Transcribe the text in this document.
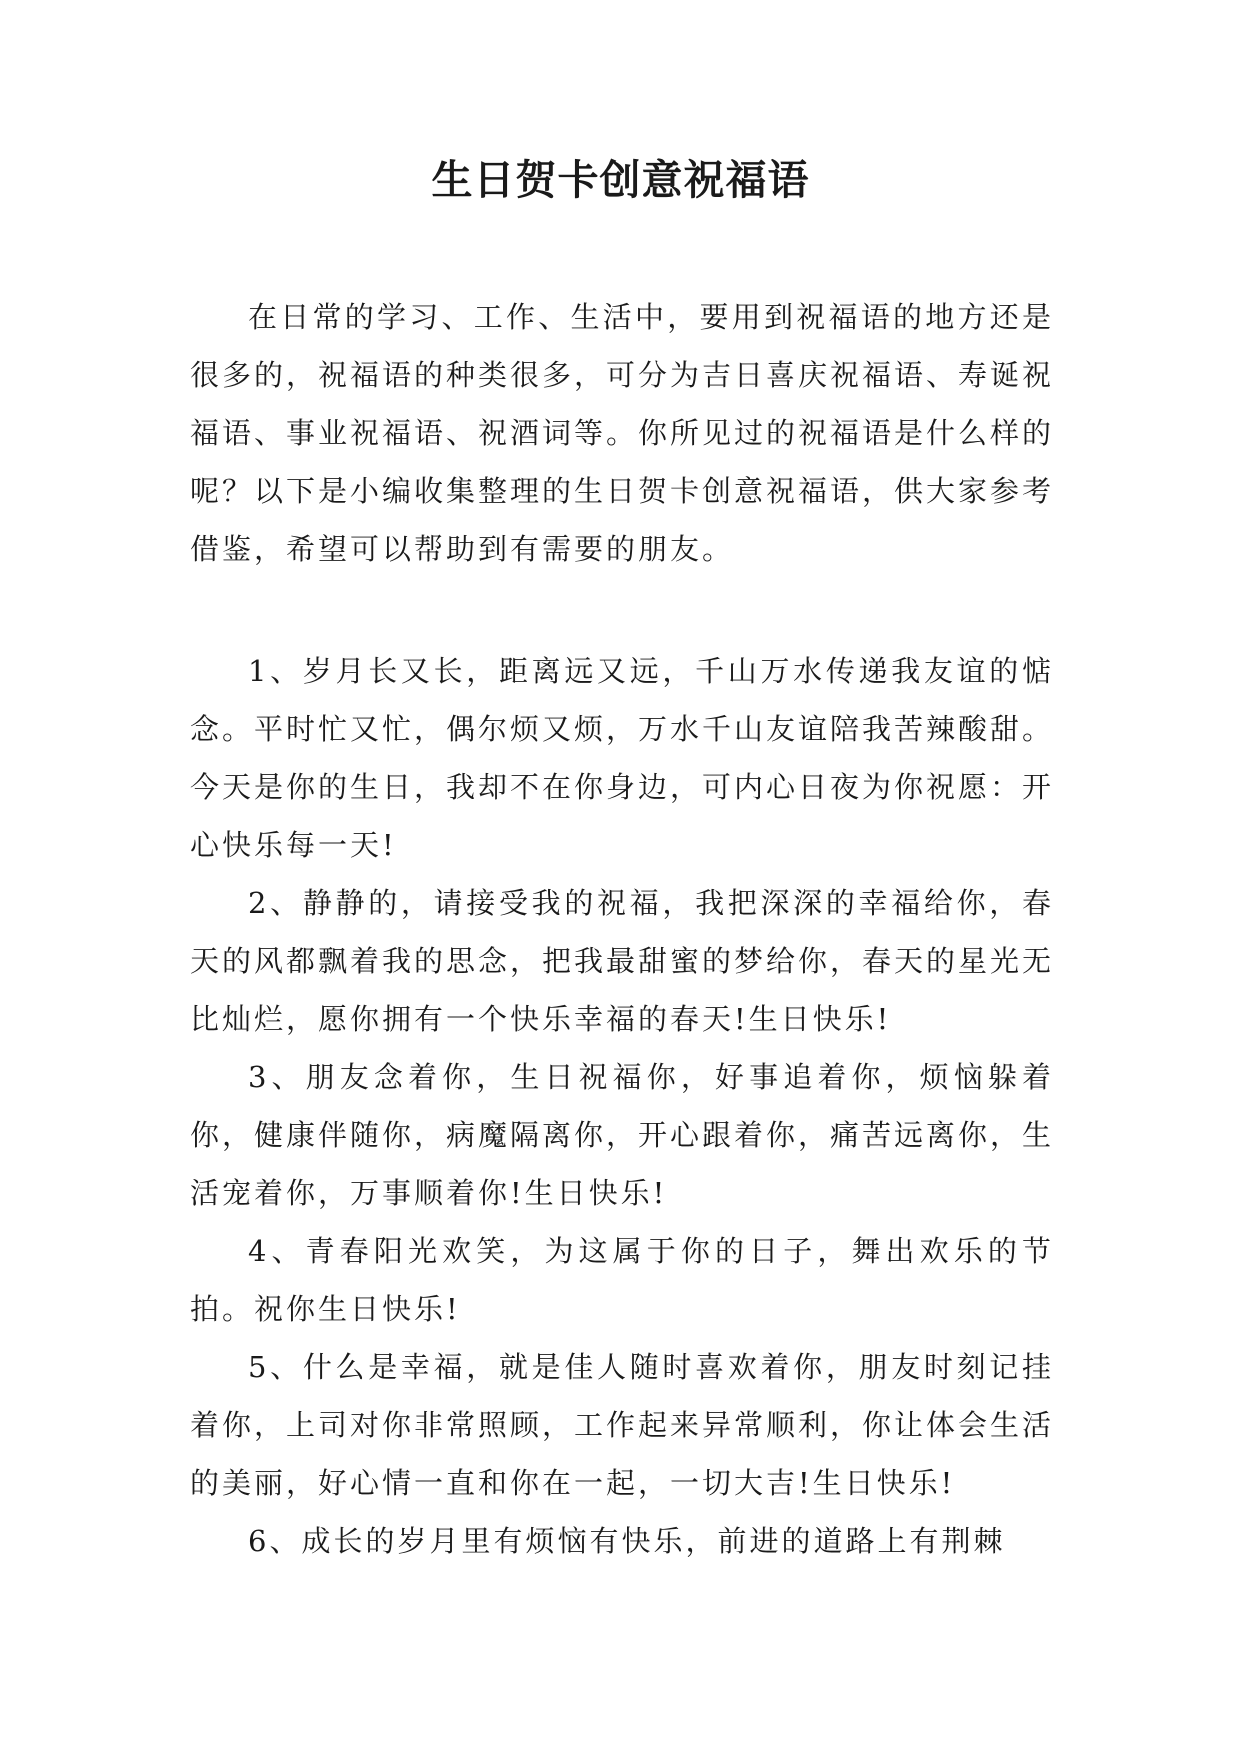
生日贺卡创意祝福语

在日常的学习、工作、生活中，要用到祝福语的地方还是很多的，祝福语的种类很多，可分为吉日喜庆祝福语、寿诞祝福语、事业祝福语、祝酒词等。你所见过的祝福语是什么样的呢？以下是小编收集整理的生日贺卡创意祝福语，供大家参考借鉴，希望可以帮助到有需要的朋友。

1、岁月长又长，距离远又远，千山万水传递我友谊的惦念。平时忙又忙，偶尔烦又烦，万水千山友谊陪我苦辣酸甜。今天是你的生日，我却不在你身边，可内心日夜为你祝愿：开心快乐每一天!

2、静静的，请接受我的祝福，我把深深的幸福给你，春天的风都飘着我的思念，把我最甜蜜的梦给你，春天的星光无比灿烂，愿你拥有一个快乐幸福的春天!生日快乐!

3、朋友念着你，生日祝福你，好事追着你，烦恼躲着你，健康伴随你，病魔隔离你，开心跟着你，痛苦远离你，生活宠着你，万事顺着你!生日快乐!

4、青春阳光欢笑，为这属于你的日子，舞出欢乐的节拍。祝你生日快乐!

5、什么是幸福，就是佳人随时喜欢着你，朋友时刻记挂着你，上司对你非常照顾，工作起来异常顺利，你让体会生活的美丽，好心情一直和你在一起，一切大吉!生日快乐!

6、成长的岁月里有烦恼有快乐，前进的道路上有荆棘
